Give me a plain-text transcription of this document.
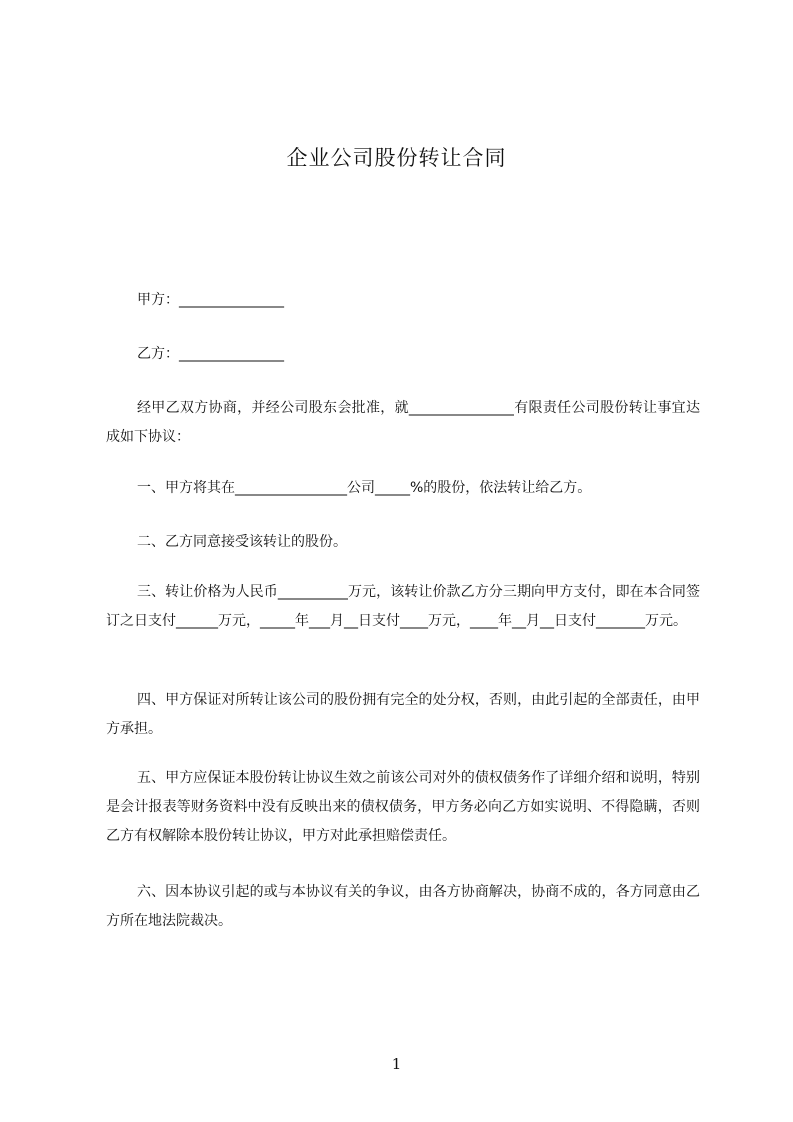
企业公司股份转让合同
甲方：_______________
乙方：_______________
经甲乙双方协商，并经公司股东会批准，就_______________有限责任公司股份转让事宜达成如下协议：
一、甲方将其在________________公司_____%的股份，依法转让给乙方。
二、乙方同意接受该转让的股份。
三、转让价格为人民币__________万元，该转让价款乙方分三期向甲方支付，即在本合同签订之日支付______万元，_____年___月__日支付____万元，____年__月__日支付_______万元。
四、甲方保证对所转让该公司的股份拥有完全的处分权，否则，由此引起的全部责任，由甲方承担。
五、甲方应保证本股份转让协议生效之前该公司对外的债权债务作了详细介绍和说明，特别是会计报表等财务资料中没有反映出来的债权债务，甲方务必向乙方如实说明、不得隐瞒，否则乙方有权解除本股份转让协议，甲方对此承担赔偿责任。
六、因本协议引起的或与本协议有关的争议，由各方协商解决，协商不成的，各方同意由乙方所在地法院裁决。
1
